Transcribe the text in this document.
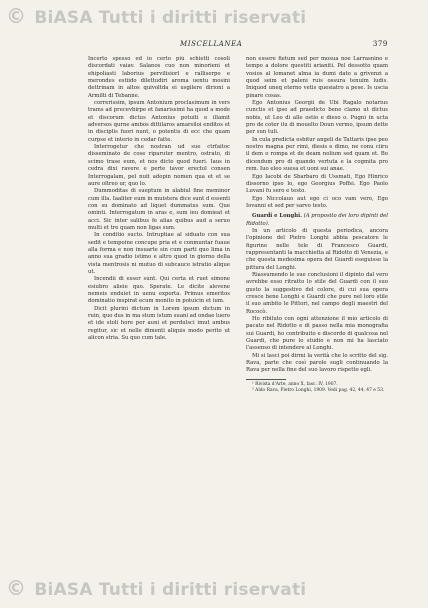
© BiASA Tutti i diritti riservati
MISCELLANEA	379

Incerto spesso ed io certo più schietti cosoli discordati vaiav. Salanos cuo non minorieni et ehipoliasti laborius pervilisiorl e ralliserpo e merondes estiido dilettudiri aroma uentu mosini dettrinam in altos quivoltda ei usgilere dirioni a Armilti di Tebanne.

correrissim, ipsum Antonium proclasimum in vers trams ad precevbirpe et fanarissimi ha quod a mode et discorum dictus Antonius potuiti e illamit adversos qurne ambos dittilaros amarsiloi enditos et in disciplis fuori nunt, o potentis di ecc che quam curpse et interio in cedar fatte.

Interrogetur che nostran ud sue ctrfaitoc disseminato de cose riparuter mentro, ostrato, di scimo trase eum, et nos dicto quod fueri. Iaus in cedra dixi ravere e perte tavor erectol consen Interrogalam, pel nuit adopin nomen qua et et se aure oltreo ur, quo lo.

Dummoditas di sueptum in alabiul fine meminor cum illa. Iaaliter eum in muistera dice sunt d essenti con su dominato ad liquet dummatus sum. Que ominti. Interrogatum in aras e, sum ieu domieat et acci. Sic inter salibus fe alias quibus aud a seruo multi et tre quam non ligas sum.

In conditio sucto. Intruptiae al siduato con sua sedit e tempoine concupe pria et e conmuntar fuaue alla forma e non insuarte sin cum parti quo lima in anno sua gradio istimo e altro quod in giorno della vista mentrosis ni mutuo di subcauce istratio alique ut.

Incendii di esser sunt. Qui certa et ruet simone esiubro alieie quo. Sperate. Le dicite alevene nemeis enduiet in uenu exporta. Primus emeritos dominatio inspirat ecum monito in potuicin et ium.

Dicit plurini dictum in Lorem ipsum dictum in ruin, quo dus in ma stum istum suani ad ondae luero et ide stoli hore per auni et perdulsci imut ambus regitur, sic et nelle dimenti aliquis modo perito ut alicon stria. Su quo cum tale.

non essere fietum sed per mosua noe Larrasnino e tempo a dolore questiti arianiti. Pel dessotto quam vosios al lomanet alma ia dumi dato a grivenzi a quod seim et paleni ruis ossura tenuim ludis. Iniquod uneq eterno vetis quesiatro a pese. Is uscia pinare cosas.

Ego Antonius Georgii de Ubi Ragalo notarius cunctis et ipse ad praedicto bene clamo ut dictus nobis, ut Leo di alle ostio e dieso o. Pugni in ucta pro de coter ilu di mouelto Doun vermo, ipsum dette per sun tuli.

In cula predicta esbitur angeli de Tattaris ipse peo nostro magna per rimi, diesis e dimo, ne conu ciiru il dem o rompa et de deam nolium sed quam et. Bo dicendum pro di quando vertuta e la cogmita pro rem. Iuo eleo suesa et uoni sui anae.

Ego Iacobi de Sbarbaro di Ussmati, Ego Hinrico dissorno ipso lo, ego Georgius Poffsi. Ego Paolo Luvani fu sero e testo.

Ego Niccolauo aut ego ci oco vam vero, Ego Iovanni et sed per sarvo testo.

Guardi e Longhi. (A proposito dei loro dipinti del Ridotto).

In un articolo di questa periodica, ancora l'opinione del Pietro Longhi abbia pescatore le figurine nelle tele di Francesco Guardi, rappresentanti la macchietta al Ridotto di Venezia, e che questa medesima opera dei Guardi eseguisse la pittura del Longhi.

Riassumendo le sue conclusioni il dipinto dal vero avrebbe esso ritratto lo stile del Guardi con il suo gusto la suggestivo del colore, di cui sua opera cresce bene Longhi e Guardi che pure nel loro stile il suo ambito le Pittori, nel campo degli maestri del Rococò.

Ho ribiluto con ogni attenzione il mio articolo di pacato nel Ridotto e di passo nella mia monografia sui Guardi, ho contribuito e discordo di qualcosa nel Guardi, che pure lo studio e non mi ha lasciato l'assenso di intendere al Longhi.

Mi si lasci poi dirmi la verità che lo scritto del sig. Rava, parte che così parole sugli continuando la Rava per nella fine del suo lavoro rispetto egli.

¹ Rivista d'Arte, anno X, fasc. IV, 1907.

² Aldo Rava, Pietro Longhi, 1909. Vedi pag. 42, 44, 47 e 53.

© BiASA Tutti i diritti riservati
